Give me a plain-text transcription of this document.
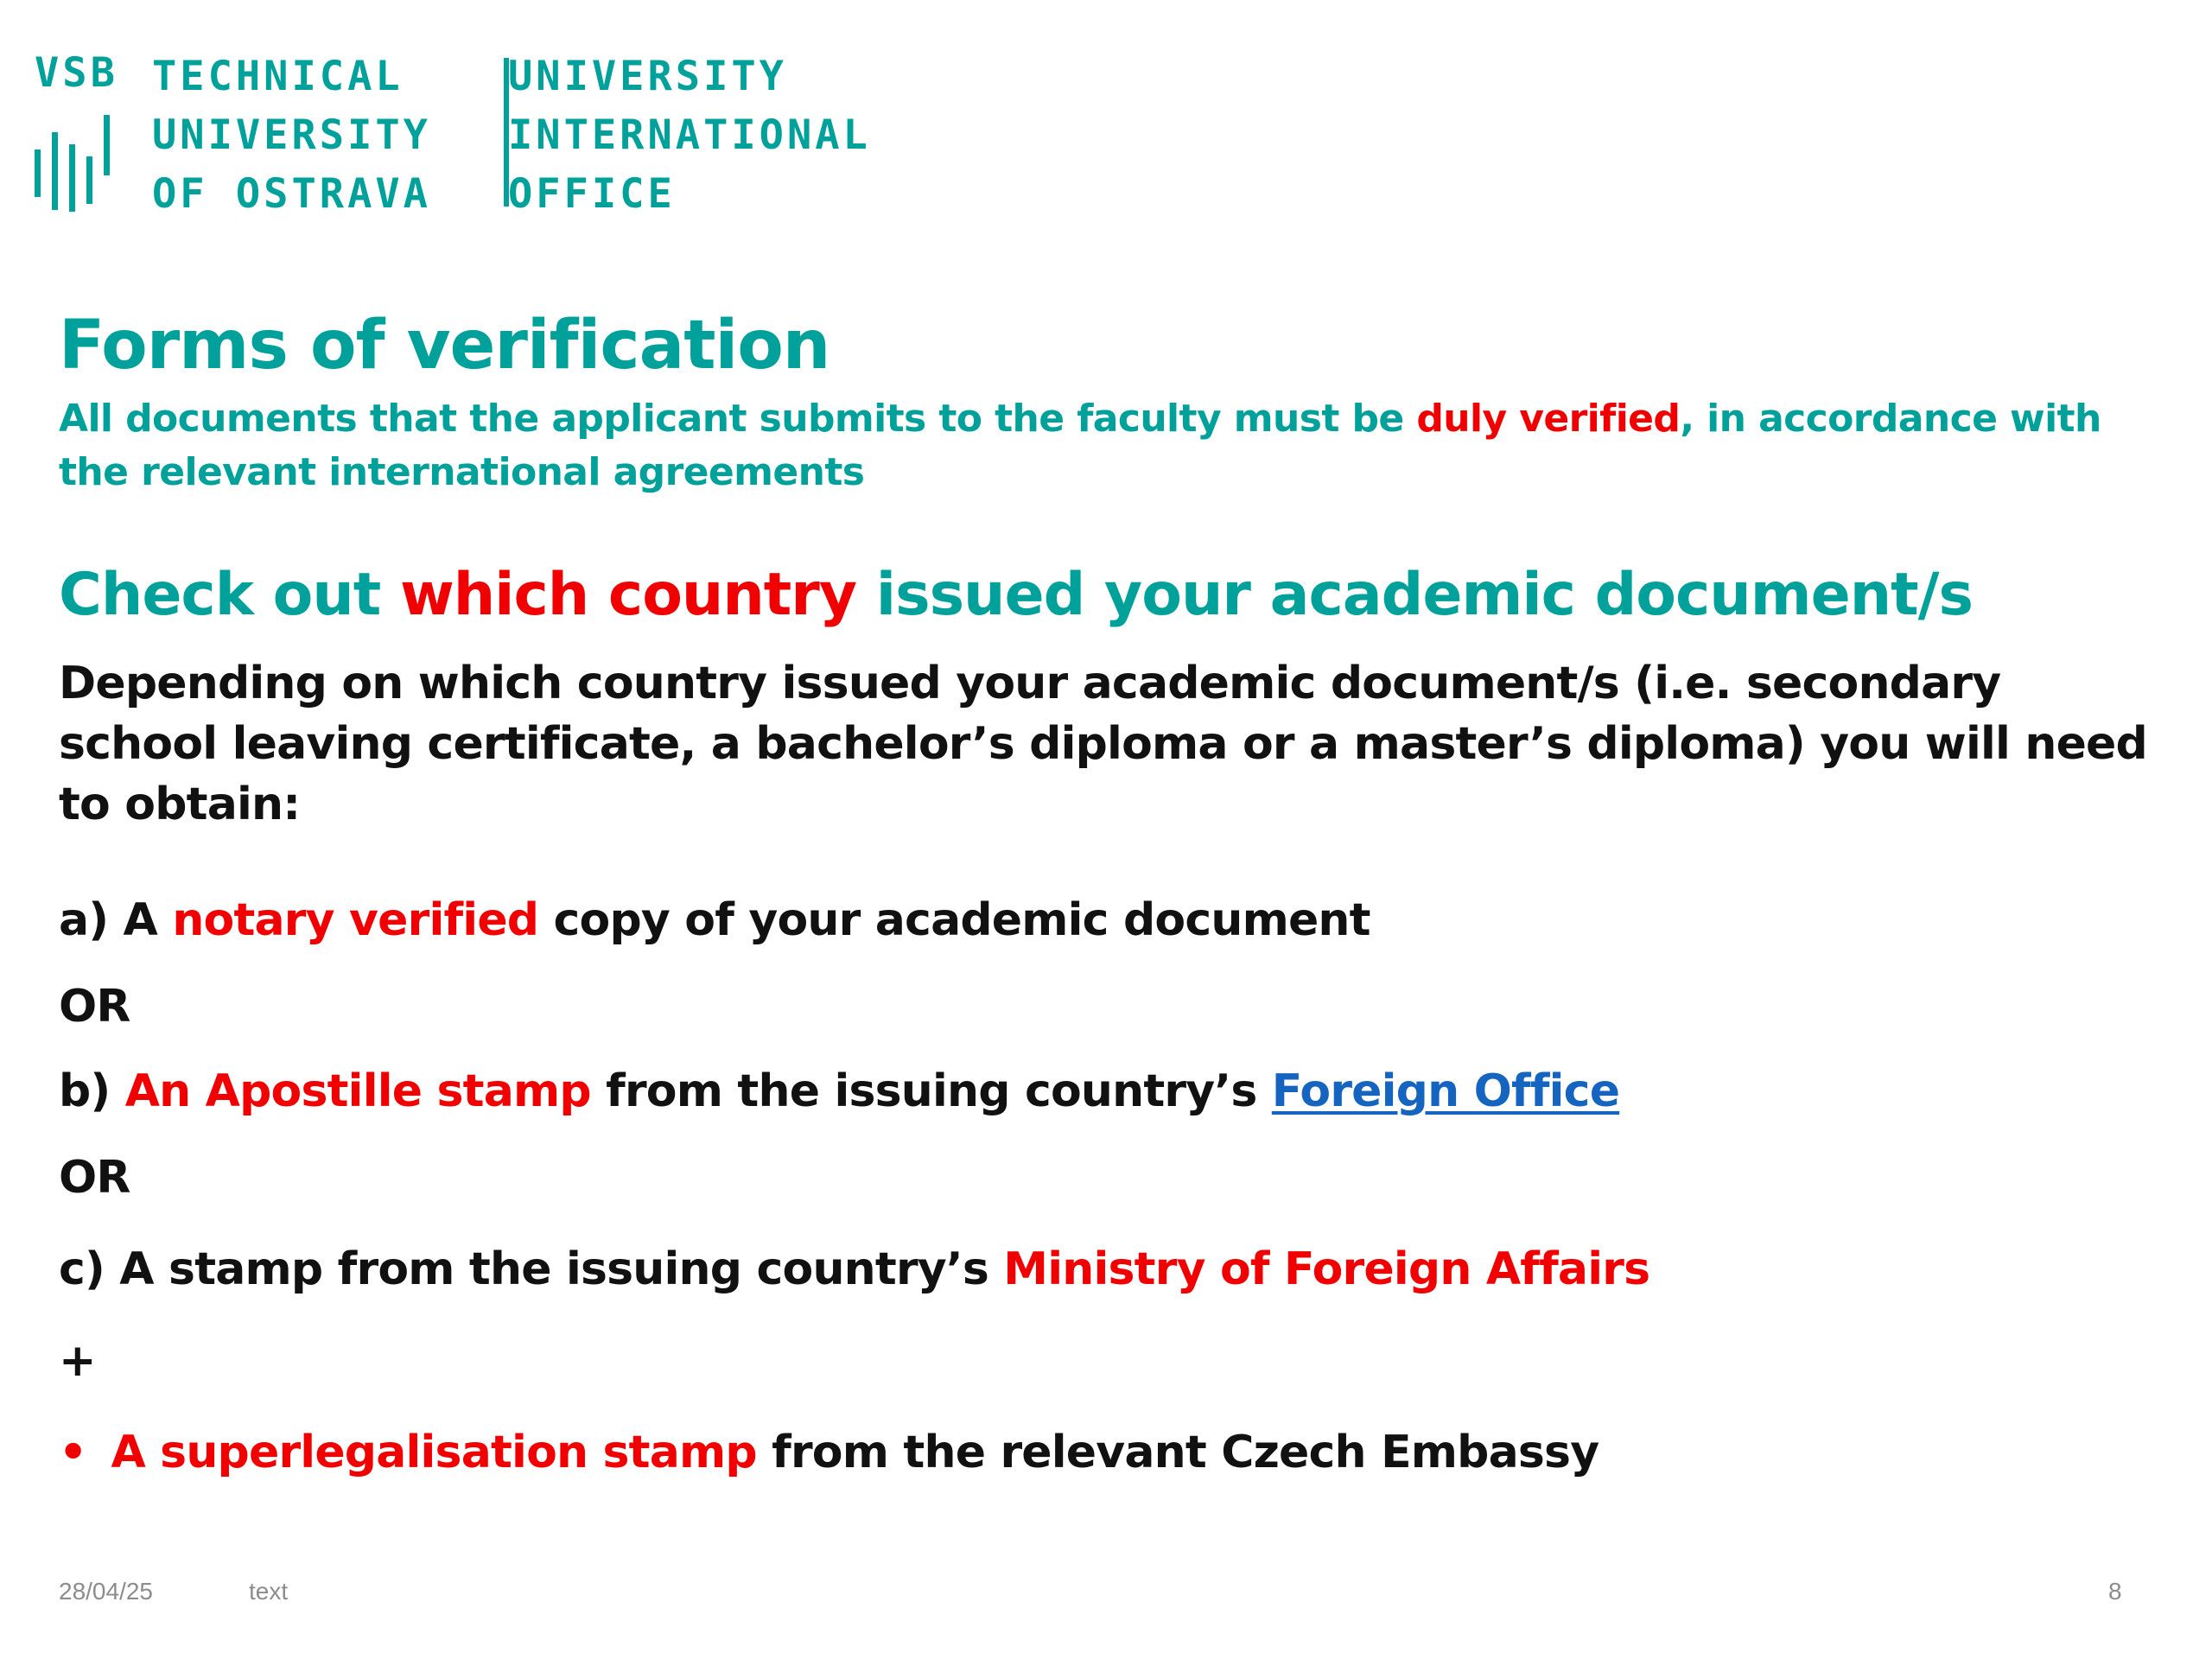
VSB TECHNICAL
UNIVERSITY
OF OSTRAVA
UNIVERSITY
INTERNATIONAL
OFFICE
Forms of verification

All documents that the applicant submits to the faculty must be duly verified, in accordance with the relevant international agreements

Check out which country issued your academic document/s

Depending on which country issued your academic document/s (i.e. secondary school leaving certificate, a bachelor’s diploma or a master’s diploma) you will need to obtain:

a) A notary verified copy of your academic document
OR
b) An Apostille stamp from the issuing country’s Foreign Office
OR
c) A stamp from the issuing country’s Ministry of Foreign Affairs
+
• A superlegalisation stamp from the relevant Czech Embassy
28/04/25	text	8
